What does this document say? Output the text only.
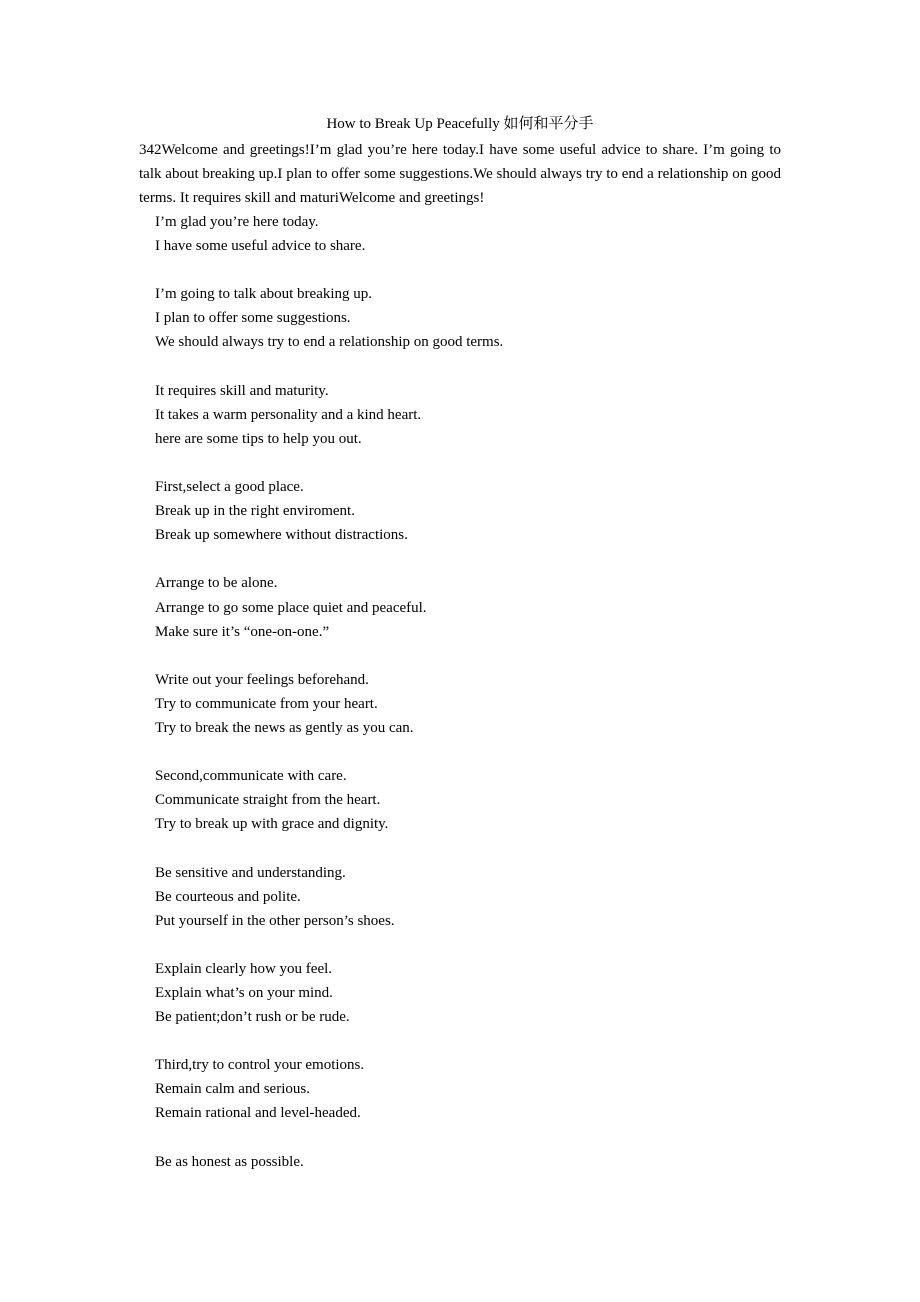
How to Break Up Peacefully 如何和平分手

342Welcome and greetings!I’m glad you’re here today.I have some useful advice to share. I’m going to talk about breaking up.I plan to offer some suggestions.We should always try to end a relationship on good terms. It requires skill and maturiWelcome and greetings!

I’m glad you’re here today.
I have some useful advice to share.
I’m going to talk about breaking up.
I plan to offer some suggestions.
We should always try to end a relationship on good terms.
It requires skill and maturity.
It takes a warm personality and a kind heart.
here are some tips to help you out.
First,select a good place.
Break up in the right enviroment.
Break up somewhere without distractions.
Arrange to be alone.
Arrange to go some place quiet and peaceful.
Make sure it’s “one-on-one.”
Write out your feelings beforehand.
Try to communicate from your heart.
Try to break the news as gently as you can.
Second,communicate with care.
Communicate straight from the heart.
Try to break up with grace and dignity.
Be sensitive and understanding.
Be courteous and polite.
Put yourself in the other person’s shoes.
Explain clearly how you feel.
Explain what’s on your mind.
Be patient;don’t rush or be rude.
Third,try to control your emotions.
Remain calm and serious.
Remain rational and level-headed.
Be as honest as possible.
